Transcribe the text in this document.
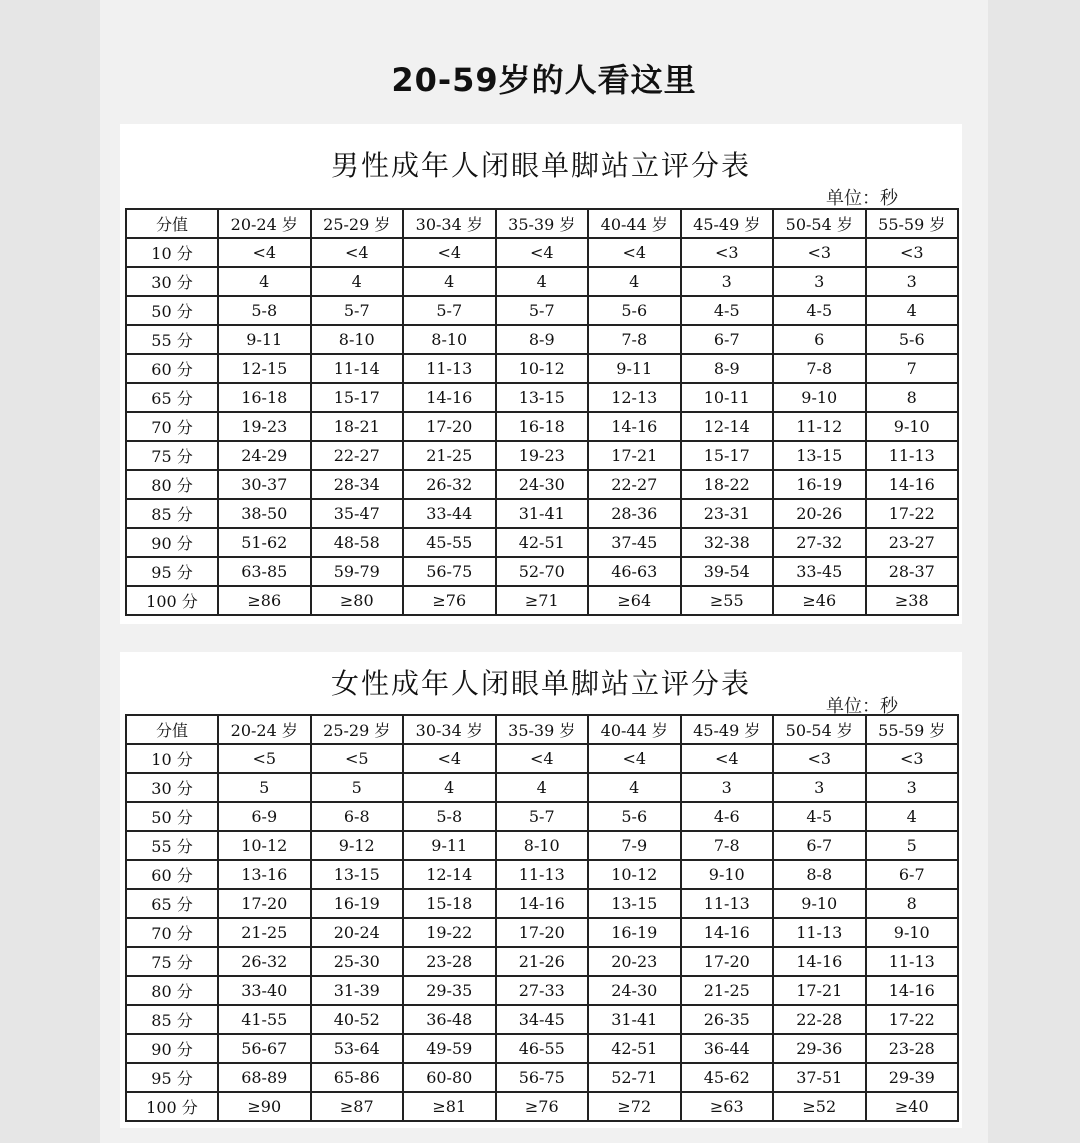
20-59岁的人看这里
男性成年人闭眼单脚站立评分表
单位：秒
分值	20-24 岁	25-29 岁	30-34 岁	35-39 岁	40-44 岁	45-49 岁	50-54 岁	55-59 岁
10 分	<4	<4	<4	<4	<4	<3	<3	<3
30 分	4	4	4	4	4	3	3	3
50 分	5-8	5-7	5-7	5-7	5-6	4-5	4-5	4
55 分	9-11	8-10	8-10	8-9	7-8	6-7	6	5-6
60 分	12-15	11-14	11-13	10-12	9-11	8-9	7-8	7
65 分	16-18	15-17	14-16	13-15	12-13	10-11	9-10	8
70 分	19-23	18-21	17-20	16-18	14-16	12-14	11-12	9-10
75 分	24-29	22-27	21-25	19-23	17-21	15-17	13-15	11-13
80 分	30-37	28-34	26-32	24-30	22-27	18-22	16-19	14-16
85 分	38-50	35-47	33-44	31-41	28-36	23-31	20-26	17-22
90 分	51-62	48-58	45-55	42-51	37-45	32-38	27-32	23-27
95 分	63-85	59-79	56-75	52-70	46-63	39-54	33-45	28-37
100 分	≥86	≥80	≥76	≥71	≥64	≥55	≥46	≥38
女性成年人闭眼单脚站立评分表
单位：秒
分值	20-24 岁	25-29 岁	30-34 岁	35-39 岁	40-44 岁	45-49 岁	50-54 岁	55-59 岁
10 分	<5	<5	<4	<4	<4	<4	<3	<3
30 分	5	5	4	4	4	3	3	3
50 分	6-9	6-8	5-8	5-7	5-6	4-6	4-5	4
55 分	10-12	9-12	9-11	8-10	7-9	7-8	6-7	5
60 分	13-16	13-15	12-14	11-13	10-12	9-10	8-8	6-7
65 分	17-20	16-19	15-18	14-16	13-15	11-13	9-10	8
70 分	21-25	20-24	19-22	17-20	16-19	14-16	11-13	9-10
75 分	26-32	25-30	23-28	21-26	20-23	17-20	14-16	11-13
80 分	33-40	31-39	29-35	27-33	24-30	21-25	17-21	14-16
85 分	41-55	40-52	36-48	34-45	31-41	26-35	22-28	17-22
90 分	56-67	53-64	49-59	46-55	42-51	36-44	29-36	23-28
95 分	68-89	65-86	60-80	56-75	52-71	45-62	37-51	29-39
100 分	≥90	≥87	≥81	≥76	≥72	≥63	≥52	≥40
